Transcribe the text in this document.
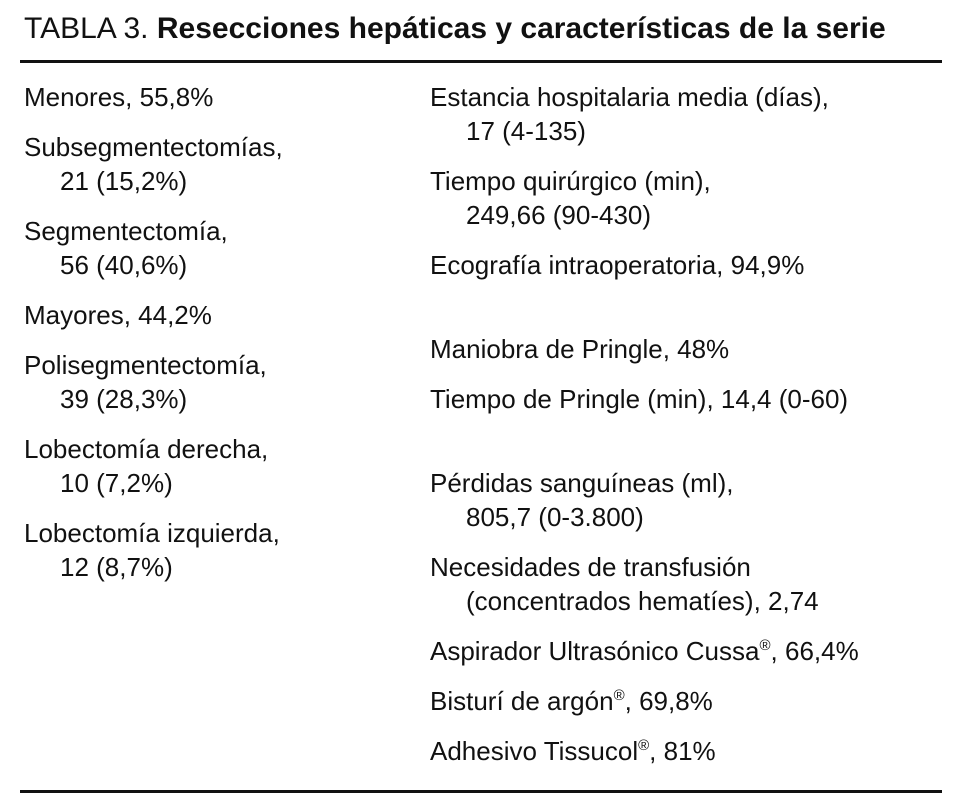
TABLA 3. Resecciones hepáticas y características de la serie
Menores, 55,8%
Subsegmentectomías,
21 (15,2%)
Segmentectomía,
56 (40,6%)
Mayores, 44,2%
Polisegmentectomía,
39 (28,3%)
Lobectomía derecha,
10 (7,2%)
Lobectomía izquierda,
12 (8,7%)
Estancia hospitalaria media (días),
17 (4-135)
Tiempo quirúrgico (min),
249,66 (90-430)
Ecografía intraoperatoria, 94,9%

Maniobra de Pringle, 48%
Tiempo de Pringle (min), 14,4 (0-60)

Pérdidas sanguíneas (ml),
805,7 (0-3.800)
Necesidades de transfusión
(concentrados hematíes), 2,74
Aspirador Ultrasónico Cussa®, 66,4%
Bisturí de argón®, 69,8%
Adhesivo Tissucol®, 81%
